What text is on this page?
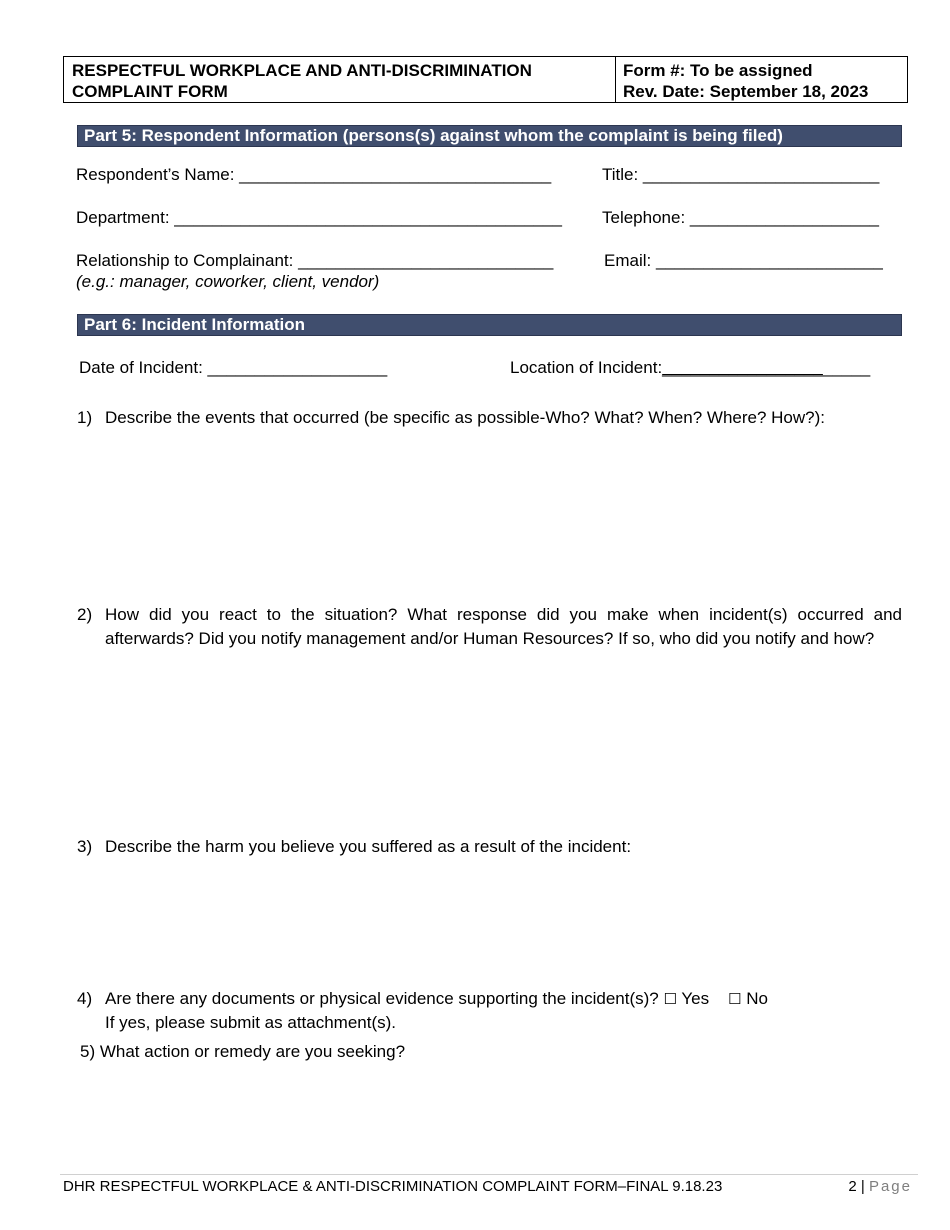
RESPECTFUL WORKPLACE AND ANTI-DISCRIMINATION COMPLAINT FORM
Form #: To be assigned
Rev. Date: September 18, 2023
Part 5: Respondent Information (persons(s) against whom the complaint is being filed)
Respondent’s Name: _________________________________	Title: _________________________
Department: _________________________________________ Telephone: ____________________
Relationship to Complainant: ___________________________	Email: ________________________
(e.g.: manager, coworker, client, vendor)
Part 6: Incident Information
Date of Incident: ___________________	Location of Incident:______________________
1) Describe the events that occurred (be specific as possible-Who? What? When? Where? How?):
2) How did you react to the situation? What response did you make when incident(s) occurred and afterwards? Did you notify management and/or Human Resources? If so, who did you notify and how?
3) Describe the harm you believe you suffered as a result of the incident:
4) Are there any documents or physical evidence supporting the incident(s)? ☐ Yes ☐ No
If yes, please submit as attachment(s).
5) What action or remedy are you seeking?
DHR RESPECTFUL WORKPLACE & ANTI-DISCRIMINATION COMPLAINT FORM–FINAL 9.18.23	2 | Page
